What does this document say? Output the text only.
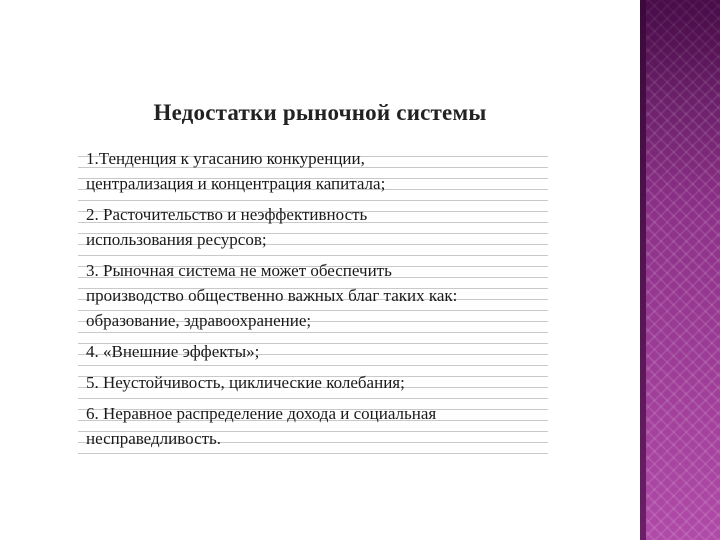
Недостатки рыночной системы

1.Тенденция к угасанию конкуренции,

централизация и концентрация капитала;

2. Расточительство и неэффективность

использования ресурсов;

3. Рыночная система не может обеспечить

производство общественно важных благ таких как:

образование, здравоохранение;

4. «Внешние эффекты»;

5. Неустойчивость, циклические колебания;

6. Неравное распределение дохода и социальная

несправедливость.
